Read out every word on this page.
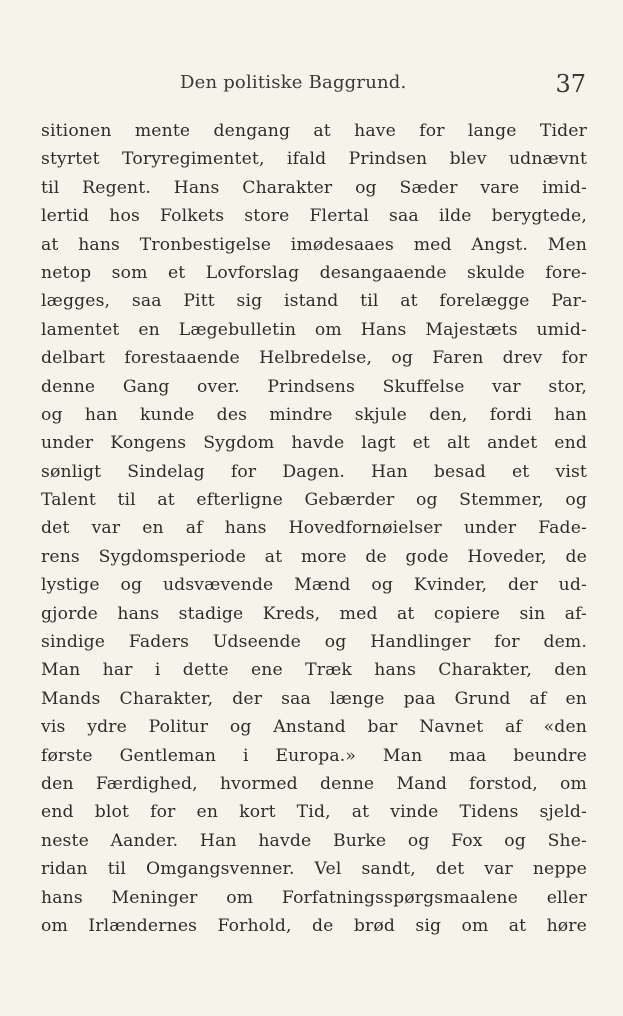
Den politiske Baggrund.	37
sitionen mente dengang at have for lange Tider
styrtet Toryregimentet, ifald Prindsen blev udnævnt
til Regent. Hans Charakter og Sæder vare imid-
lertid hos Folkets store Flertal saa ilde berygtede,
at hans Tronbestigelse imødesaaes med Angst. Men
netop som et Lovforslag desangaaende skulde fore-
lægges, saa Pitt sig istand til at forelægge Par-
lamentet en Lægebulletin om Hans Majestæts umid-
delbart forestaaende Helbredelse, og Faren drev for
denne Gang over. Prindsens Skuffelse var stor,
og han kunde des mindre skjule den, fordi han
under Kongens Sygdom havde lagt et alt andet end
sønligt Sindelag for Dagen. Han besad et vist
Talent til at efterligne Gebærder og Stemmer, og
det var en af hans Hovedfornøielser under Fade-
rens Sygdomsperiode at more de gode Hoveder, de
lystige og udsvævende Mænd og Kvinder, der ud-
gjorde hans stadige Kreds, med at copiere sin af-
sindige Faders Udseende og Handlinger for dem.
Man har i dette ene Træk hans Charakter, den
Mands Charakter, der saa længe paa Grund af en
vis ydre Politur og Anstand bar Navnet af «den
første Gentleman i Europa.» Man maa beundre
den Færdighed, hvormed denne Mand forstod, om
end blot for en kort Tid, at vinde Tidens sjeld-
neste Aander. Han havde Burke og Fox og She-
ridan til Omgangsvenner. Vel sandt, det var neppe
hans Meninger om Forfatningsspørgsmaalene eller
om Irlændernes Forhold, de brød sig om at høre
